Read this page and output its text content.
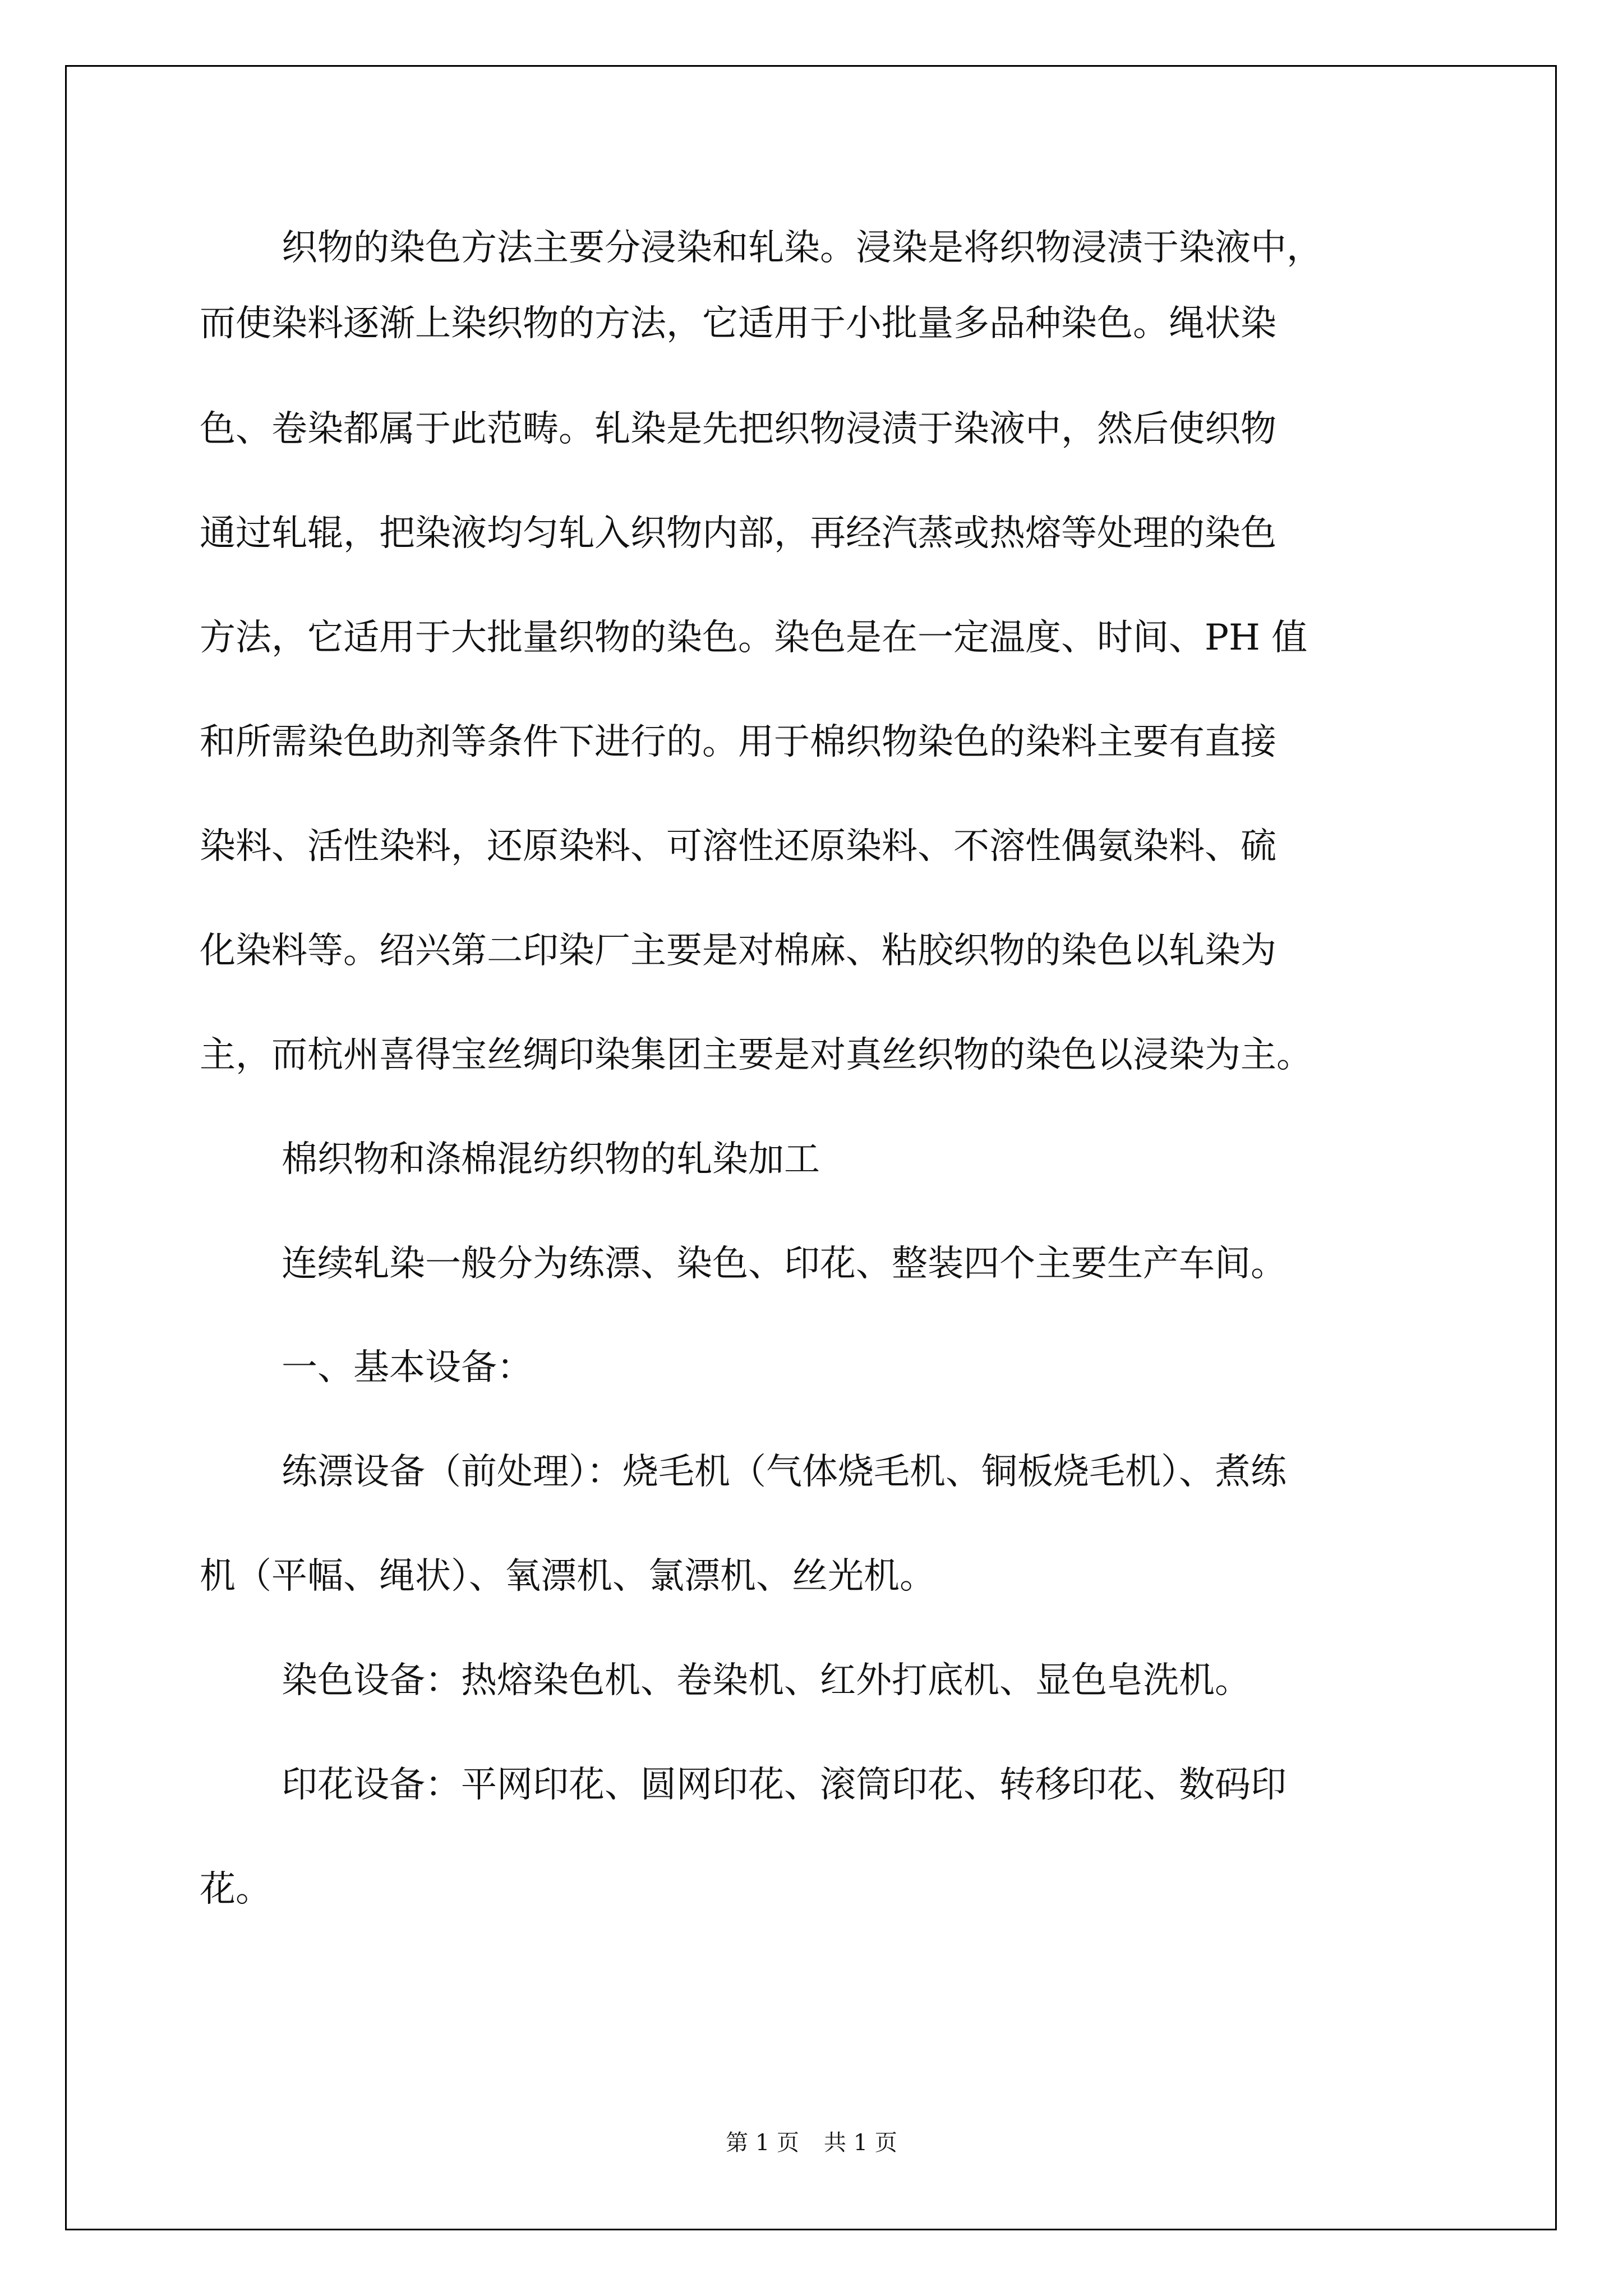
织物的染色方法主要分浸染和轧染。浸染是将织物浸渍于染液中，

而使染料逐渐上染织物的方法，它适用于小批量多品种染色。绳状染

色、卷染都属于此范畴。轧染是先把织物浸渍于染液中，然后使织物

通过轧辊，把染液均匀轧入织物内部，再经汽蒸或热熔等处理的染色

方法，它适用于大批量织物的染色。染色是在一定温度、时间、PH 值

和所需染色助剂等条件下进行的。用于棉织物染色的染料主要有直接

染料、活性染料，还原染料、可溶性还原染料、不溶性偶氨染料、硫

化染料等。绍兴第二印染厂主要是对棉麻、粘胶织物的染色以轧染为

主，而杭州喜得宝丝绸印染集团主要是对真丝织物的染色以浸染为主。

棉织物和涤棉混纺织物的轧染加工

连续轧染一般分为练漂、染色、印花、整装四个主要生产车间。

一、基本设备：

练漂设备（前处理）：烧毛机（气体烧毛机、铜板烧毛机）、煮练

机（平幅、绳状）、氧漂机、氯漂机、丝光机。

染色设备：热熔染色机、卷染机、红外打底机、显色皂洗机。

印花设备：平网印花、圆网印花、滚筒印花、转移印花、数码印

花。

第 1 页 共 1 页
